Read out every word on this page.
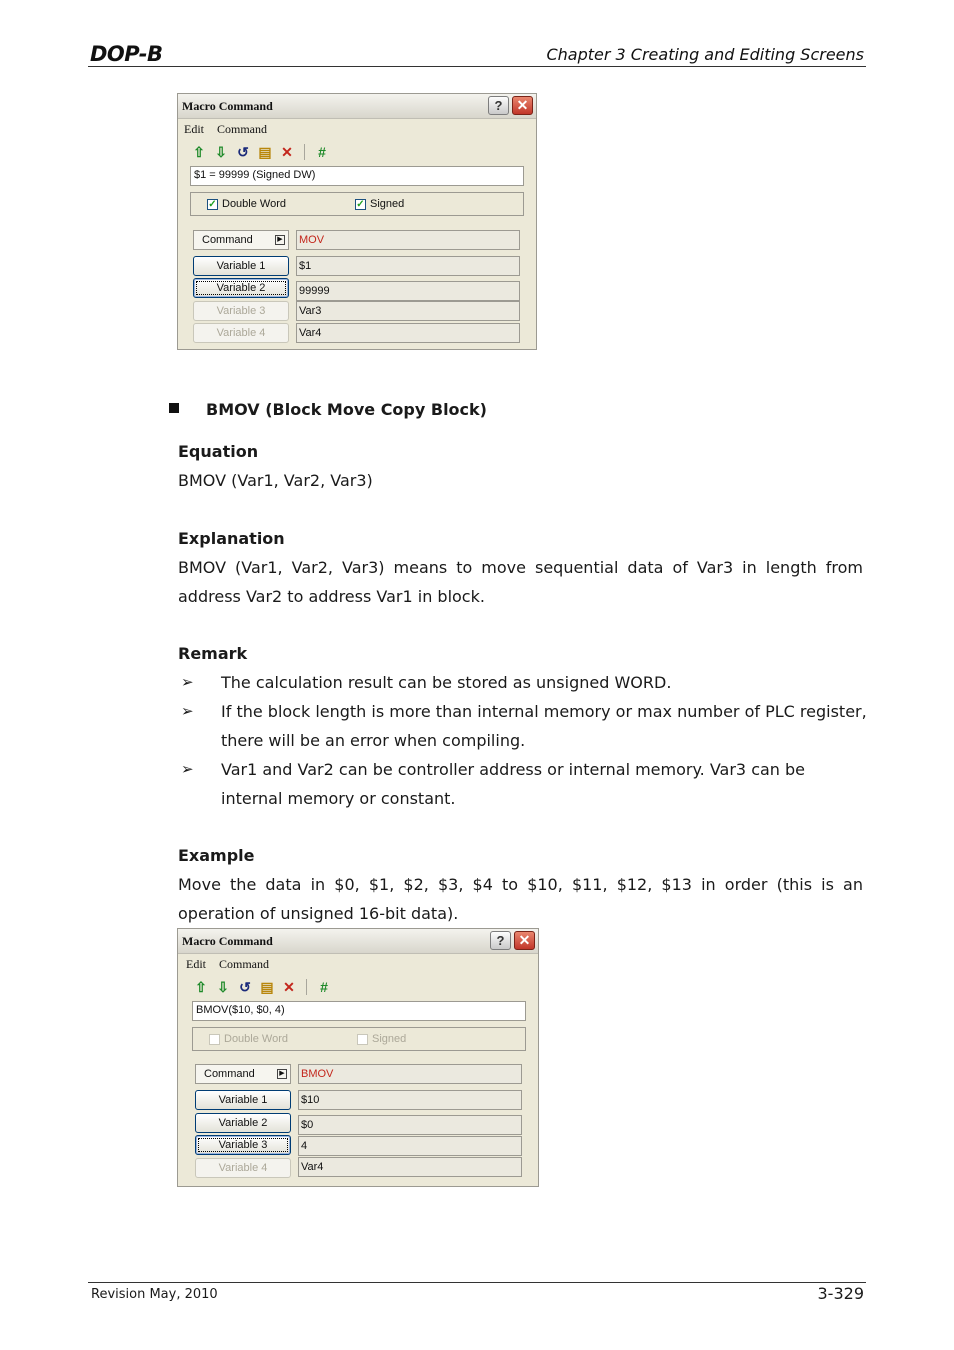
DOP-B	Chapter 3 Creating and Editing Screens
Macro Command	?	✕
Edit Command
⇧ ⇩ ↺ ▤ ✕	#
$1 = 99999 (Signed DW)
✓ Double Word	✓ Signed
Command	▶ MOV
Variable 1	$1
Variable 2	99999
Variable 3	Var3
Variable 4	Var4
BMOV (Block Move Copy Block)
Equation
BMOV (Var1, Var2, Var3)
Explanation
BMOV (Var1, Var2, Var3) means to move sequential data of Var3 in length from
address Var2 to address Var1 in block.
Remark
➢ The calculation result can be stored as unsigned WORD.
➢ If the block length is more than internal memory or max number of PLC register, there will be an error when compiling.
➢ Var1 and Var2 can be controller address or internal memory. Var3 can be internal memory or constant.
Example
Move the data in $0, $1, $2, $3, $4 to $10, $11, $12, $13 in order (this is an
operation of unsigned 16-bit data).
Macro Command	?	✕
Edit Command
⇧ ⇩ ↺ ▤ ✕	#
BMOV($10, $0, 4)
Double Word	Signed
Command	▶ BMOV
Variable 1	$10
Variable 2	$0
Variable 3	4
Variable 4	Var4
Revision May, 2010	3-329
